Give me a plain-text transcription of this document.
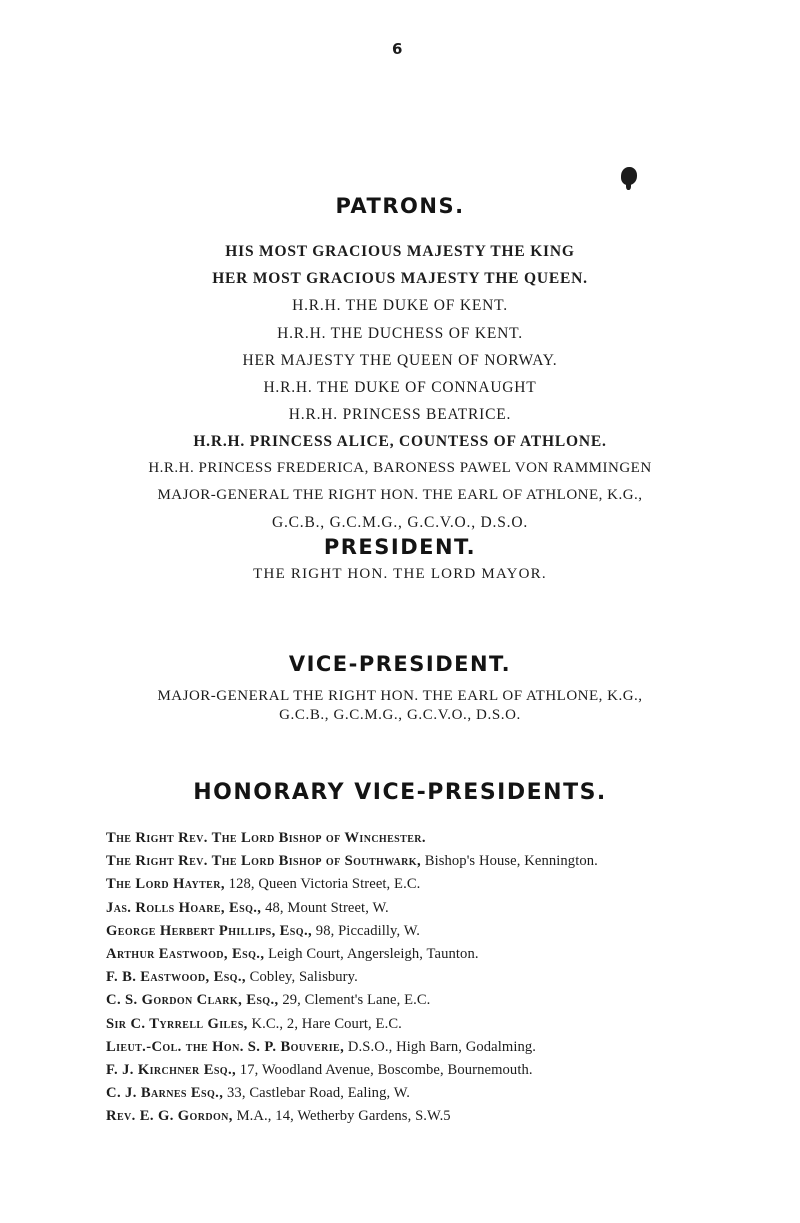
6
PATRONS.
HIS MOST GRACIOUS MAJESTY THE KING
HER MOST GRACIOUS MAJESTY THE QUEEN.
H.R.H. THE DUKE OF KENT.
H.R.H. THE DUCHESS OF KENT.
HER MAJESTY THE QUEEN OF NORWAY.
H.R.H. THE DUKE OF CONNAUGHT
H.R.H. PRINCESS BEATRICE.
H.R.H. PRINCESS ALICE, COUNTESS OF ATHLONE.
H.R.H. PRINCESS FREDERICA, BARONESS PAWEL VON RAMMINGEN
MAJOR-GENERAL THE RIGHT HON. THE EARL OF ATHLONE, K.G.,
G.C.B., G.C.M.G., G.C.V.O., D.S.O.
PRESIDENT.
THE RIGHT HON. THE LORD MAYOR.
VICE-PRESIDENT.
MAJOR-GENERAL THE RIGHT HON. THE EARL OF ATHLONE, K.G.,
G.C.B., G.C.M.G., G.C.V.O., D.S.O.
HONORARY VICE-PRESIDENTS.
The Right Rev. The Lord Bishop of Winchester.
The Right Rev. The Lord Bishop of Southwark, Bishop's House, Kennington.
The Lord Hayter, 128, Queen Victoria Street, E.C.
Jas. Rolls Hoare, Esq., 48, Mount Street, W.
George Herbert Phillips, Esq., 98, Piccadilly, W.
Arthur Eastwood, Esq., Leigh Court, Angersleigh, Taunton.
F. B. Eastwood, Esq., Cobley, Salisbury.
C. S. Gordon Clark, Esq., 29, Clement's Lane, E.C.
Sir C. Tyrrell Giles, K.C., 2, Hare Court, E.C.
Lieut.-Col. the Hon. S. P. Bouverie, D.S.O., High Barn, Godalming.
F. J. Kirchner Esq., 17, Woodland Avenue, Boscombe, Bournemouth.
C. J. Barnes Esq., 33, Castlebar Road, Ealing, W.
Rev. E. G. Gordon, M.A., 14, Wetherby Gardens, S.W.5
